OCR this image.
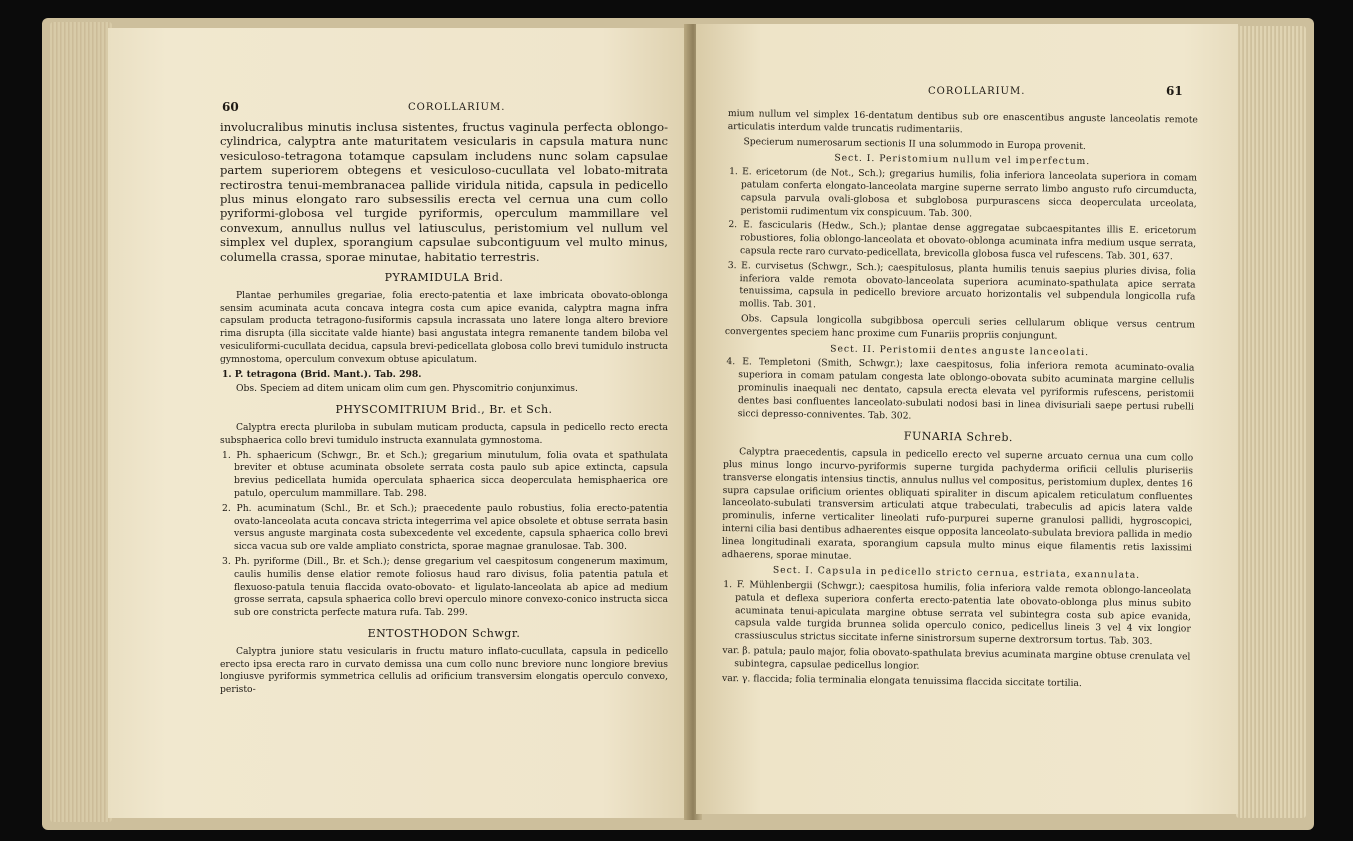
60	COROLLARIUM.

involucralibus minutis inclusa sistentes, fructus vaginula perfecta oblongo-cylindrica, calyptra ante maturitatem vesicularis in capsula matura nunc vesiculoso-tetragona totamque capsulam includens nunc solam capsulae partem superiorem obtegens et vesiculoso-cucullata vel lobato-mitrata rectirostra tenui-membranacea pallide viridula nitida, capsula in pedicello plus minus elongato raro subsessilis erecta vel cernua una cum collo pyriformi-globosa vel turgide pyriformis, operculum mammillare vel convexum, annullus nullus vel latiusculus, peristomium vel nullum vel simplex vel duplex, sporangium capsulae subcontiguum vel multo minus, columella crassa, sporae minutae, habitatio terrestris.

PYRAMIDULA Brid.

Plantae perhumiles gregariae, folia erecto-patentia et laxe imbricata obovato-oblonga sensim acuminata acuta concava integra costa cum apice evanida, calyptra magna infra capsulam producta tetragono-fusiformis capsula incrassata uno latere longa altero breviore rima disrupta (illa siccitate valde hiante) basi angustata integra remanente tandem biloba vel vesiculiformi-cucullata decidua, capsula brevi-pedicellata globosa collo brevi tumidulo instructa gymnostoma, operculum convexum obtuse apiculatum.

1. P. tetragona (Brid. Mant.). Tab. 298.

Obs. Speciem ad ditem unicam olim cum gen. Physcomitrio conjunximus.

PHYSCOMITRIUM Brid., Br. et Sch.

Calyptra erecta pluriloba in subulam muticam producta, capsula in pedicello recto erecta subsphaerica collo brevi tumidulo instructa exannulata gymnostoma.

1. Ph. sphaericum (Schwgr., Br. et Sch.); gregarium minutulum, folia ovata et spathulata breviter et obtuse acuminata obsolete serrata costa paulo sub apice extincta, capsula brevius pedicellata humida operculata sphaerica sicca deoperculata hemisphaerica ore patulo, operculum mammillare. Tab. 298.

2. Ph. acuminatum (Schl., Br. et Sch.); praecedente paulo robustius, folia erecto-patentia ovato-lanceolata acuta concava stricta integerrima vel apice obsolete et obtuse serrata basin versus anguste marginata costa subexcedente vel excedente, capsula sphaerica collo brevi sicca vacua sub ore valde ampliato constricta, sporae magnae granulosae. Tab. 300.

3. Ph. pyriforme (Dill., Br. et Sch.); dense gregarium vel caespitosum congenerum maximum, caulis humilis dense elatior remote foliosus haud raro divisus, folia patentia patula et flexuoso-patula tenuia flaccida ovato-obovato- et ligulato-lanceolata ab apice ad medium grosse serrata, capsula sphaerica collo brevi operculo minore convexo-conico instructa sicca sub ore constricta perfecte matura rufa. Tab. 299.

ENTOSTHODON Schwgr.

Calyptra juniore statu vesicularis in fructu maturo inflato-cucullata, capsula in pedicello erecto ipsa erecta raro in curvato demissa una cum collo nunc breviore nunc longiore brevius longiusve pyriformis symmetrica cellulis ad orificium transversim elongatis operculo convexo, peristo-

COROLLARIUM.	61

mium nullum vel simplex 16-dentatum dentibus sub ore enascentibus anguste lanceolatis remote articulatis interdum valde truncatis rudimentariis.

Specierum numerosarum sectionis II una solummodo in Europa provenit.

Sect. I. Peristomium nullum vel imperfectum.

1. E. ericetorum (de Not., Sch.); gregarius humilis, folia inferiora lanceolata superiora in comam patulam conferta elongato-lanceolata margine superne serrato limbo angusto rufo circumducta, capsula parvula ovali-globosa et subglobosa purpurascens sicca deoperculata urceolata, peristomii rudimentum vix conspicuum. Tab. 300.

2. E. fascicularis (Hedw., Sch.); plantae dense aggregatae subcaespitantes illis E. ericetorum robustiores, folia oblongo-lanceolata et obovato-oblonga acuminata infra medium usque serrata, capsula recte raro curvato-pedicellata, brevicolla globosa fusca vel rufescens. Tab. 301, 637.

3. E. curvisetus (Schwgr., Sch.); caespitulosus, planta humilis tenuis saepius pluries divisa, folia inferiora valde remota obovato-lanceolata superiora acuminato-spathulata apice serrata tenuissima, capsula in pedicello breviore arcuato horizontalis vel subpendula longicolla rufa mollis. Tab. 301.

Obs. Capsula longicolla subgibbosa operculi series cellularum oblique versus centrum convergentes speciem hanc proxime cum Funariis propriis conjungunt.

Sect. II. Peristomii dentes anguste lanceolati.

4. E. Templetoni (Smith, Schwgr.); laxe caespitosus, folia inferiora remota acuminato-ovalia superiora in comam patulam congesta late oblongo-obovata subito acuminata margine cellulis prominulis inaequali nec dentato, capsula erecta elevata vel pyriformis rufescens, peristomii dentes basi confluentes lanceolato-subulati nodosi basi in linea divisuriali saepe pertusi rubelli sicci depresso-conniventes. Tab. 302.

FUNARIA Schreb.

Calyptra praecedentis, capsula in pedicello erecto vel superne arcuato cernua una cum collo plus minus longo incurvo-pyriformis superne turgida pachyderma orificii cellulis pluriseriis transverse elongatis intensius tinctis, annulus nullus vel compositus, peristomium duplex, dentes 16 supra capsulae orificium orientes obliquati spiraliter in discum apicalem reticulatum confluentes lanceolato-subulati transversim articulati atque trabeculati, trabeculis ad apicis latera valde prominulis, inferne verticaliter lineolati rufo-purpurei superne granulosi pallidi, hygroscopici, interni cilia basi dentibus adhaerentes eisque opposita lanceolato-subulata breviora pallida in medio linea longitudinali exarata, sporangium capsula multo minus eique filamentis retis laxissimi adhaerens, sporae minutae.

Sect. I. Capsula in pedicello stricto cernua, estriata, exannulata.

1. F. Mühlenbergii (Schwgr.); caespitosa humilis, folia inferiora valde remota oblongo-lanceolata patula et deflexa superiora conferta erecto-patentia late obovato-oblonga plus minus subito acuminata tenui-apiculata margine obtuse serrata vel subintegra costa sub apice evanida, capsula valde turgida brunnea solida operculo conico, pedicellus lineis 3 vel 4 vix longior crassiusculus strictus siccitate inferne sinistrorsum superne dextrorsum tortus. Tab. 303.

var. β. patula; paulo major, folia obovato-spathulata brevius acuminata margine obtuse crenulata vel subintegra, capsulae pedicellus longior.

var. γ. flaccida; folia terminalia elongata tenuissima flaccida siccitate tortilia.
